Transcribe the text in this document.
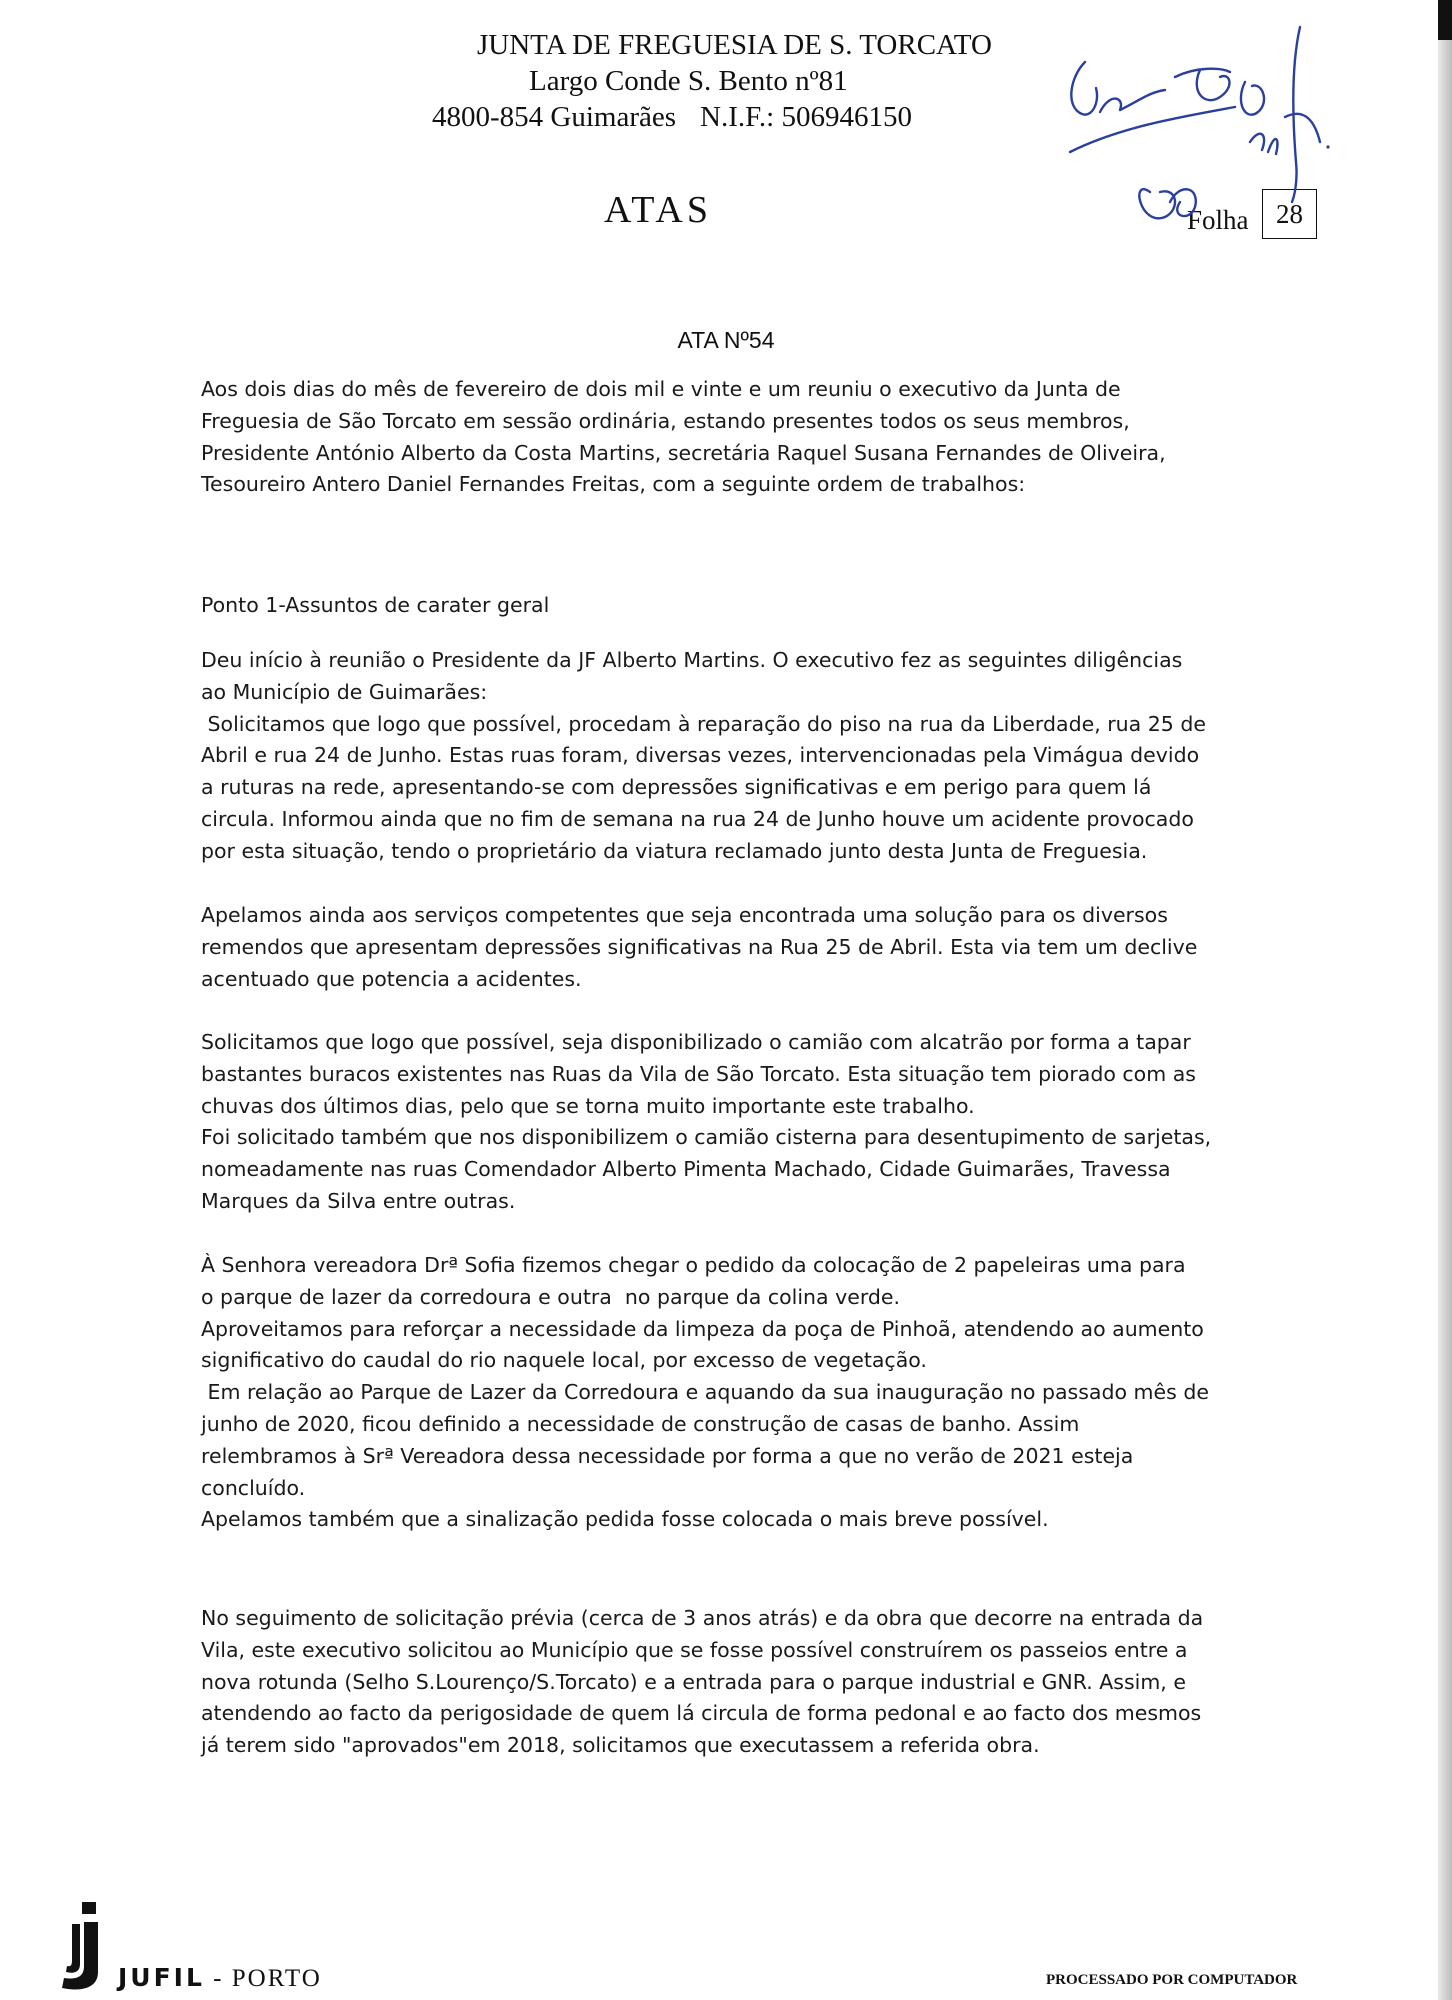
JUNTA DE FREGUESIA DE S. TORCATO
Largo Conde S. Bento nº81
4800-854 Guimarães N.I.F.: 506946150
ATAS	Folha 28
ATA Nº54
Aos dois dias do mês de fevereiro de dois mil e vinte e um reuniu o executivo da Junta de
Freguesia de São Torcato em sessão ordinária, estando presentes todos os seus membros,
Presidente António Alberto da Costa Martins, secretária Raquel Susana Fernandes de Oliveira,
Tesoureiro Antero Daniel Fernandes Freitas, com a seguinte ordem de trabalhos:
Ponto 1-Assuntos de carater geral
Deu início à reunião o Presidente da JF Alberto Martins. O executivo fez as seguintes diligências
ao Município de Guimarães:
Solicitamos que logo que possível, procedam à reparação do piso na rua da Liberdade, rua 25 de
Abril e rua 24 de Junho. Estas ruas foram, diversas vezes, intervencionadas pela Vimágua devido
a ruturas na rede, apresentando-se com depressões significativas e em perigo para quem lá
circula. Informou ainda que no fim de semana na rua 24 de Junho houve um acidente provocado
por esta situação, tendo o proprietário da viatura reclamado junto desta Junta de Freguesia.
Apelamos ainda aos serviços competentes que seja encontrada uma solução para os diversos
remendos que apresentam depressões significativas na Rua 25 de Abril. Esta via tem um declive
acentuado que potencia a acidentes.
Solicitamos que logo que possível, seja disponibilizado o camião com alcatrão por forma a tapar
bastantes buracos existentes nas Ruas da Vila de São Torcato. Esta situação tem piorado com as
chuvas dos últimos dias, pelo que se torna muito importante este trabalho.
Foi solicitado também que nos disponibilizem o camião cisterna para desentupimento de sarjetas,
nomeadamente nas ruas Comendador Alberto Pimenta Machado, Cidade Guimarães, Travessa
Marques da Silva entre outras.
À Senhora vereadora Drª Sofia fizemos chegar o pedido da colocação de 2 papeleiras uma para
o parque de lazer da corredoura e outra  no parque da colina verde.
Aproveitamos para reforçar a necessidade da limpeza da poça de Pinhoã, atendendo ao aumento
significativo do caudal do rio naquele local, por excesso de vegetação.
Em relação ao Parque de Lazer da Corredoura e aquando da sua inauguração no passado mês de
junho de 2020, ficou definido a necessidade de construção de casas de banho. Assim
relembramos à Srª Vereadora dessa necessidade por forma a que no verão de 2021 esteja
concluído.
Apelamos também que a sinalização pedida fosse colocada o mais breve possível.
No seguimento de solicitação prévia (cerca de 3 anos atrás) e da obra que decorre na entrada da
Vila, este executivo solicitou ao Município que se fosse possível construírem os passeios entre a
nova rotunda (Selho S.Lourenço/S.Torcato) e a entrada para o parque industrial e GNR. Assim, e
atendendo ao facto da perigosidade de quem lá circula de forma pedonal e ao facto dos mesmos
já terem sido "aprovados"em 2018, solicitamos que executassem a referida obra.
JUFIL - PORTO	PROCESSADO POR COMPUTADOR
